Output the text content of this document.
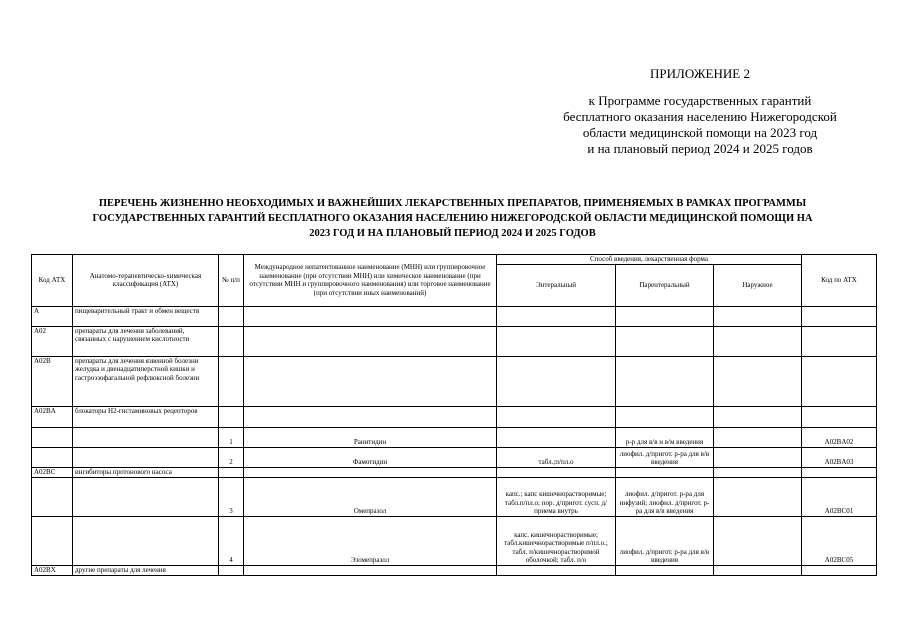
ПРИЛОЖЕНИЕ 2
к Программе государственных гарантий
бесплатного оказания населению Нижегородской
области медицинской помощи на 2023 год
и на плановый период 2024 и 2025 годов
ПЕРЕЧЕНЬ ЖИЗНЕННО НЕОБХОДИМЫХ И ВАЖНЕЙШИХ ЛЕКАРСТВЕННЫХ ПРЕПАРАТОВ, ПРИМЕНЯЕМЫХ В РАМКАХ ПРОГРАММЫ
ГОСУДАРСТВЕННЫХ ГАРАНТИЙ БЕСПЛАТНОГО ОКАЗАНИЯ НАСЕЛЕНИЮ НИЖЕГОРОДСКОЙ ОБЛАСТИ МЕДИЦИНСКОЙ ПОМОЩИ НА
2023 ГОД И НА ПЛАНОВЫЙ ПЕРИОД 2024 И 2025 ГОДОВ
Код АТХ	Анатомо-терапевтическо-химическая классификация (АТХ)	№ п/п	Международное непатентованное наименование (МНН) или группировочное наименование (при отсутствии МНН) или химическое наименование (при отсутствии МНН и группировочного наименования) или торговое наименование (при отсутствии иных наименований)	Способ введения, лекарственная форма			Код по АТХ
				Энтеральный	Парентеральный	Наружное	
A	пищеварительный тракт и обмен веществ						
A02	препараты для лечения заболеваний, связанных с нарушением кислотности						
A02B	препараты для лечения язвенной болезни желудка и двенадцатиперстной кишки и гастроэзофагальной рефлюксной болезни						
A02BA	блокаторы Н2-гистаминовых рецепторов						
		1	Ранитидин		р-р для в/в и в/м введения		A02BA02
		2	Фамотидин	табл.;п/пл.о	лиофил. д/пригот. р-ра для в/в введения		A02BA03
A02BC	ингибиторы протонового насоса						
		3	Омепразол	капс.; капс кишечнорастворимые; табл.п/пл.о; пор. д/пригот. сусп. д/приема внутрь	лиофил. д/пригот. р-ра для инфузий; лиофил. д/пригот. р-ра для в/в введения		A02BC01
		4	Эзомепразол	капс. кишечнорастворимые; табл.кишечнорастворимые п/пл.о.; табл. п/кишечнорастворимой оболочкой; табл. п/о	лиофил. д/пригот. р-ра для в/в введения		A02BC05
A02BX	другие препараты для лечения						
